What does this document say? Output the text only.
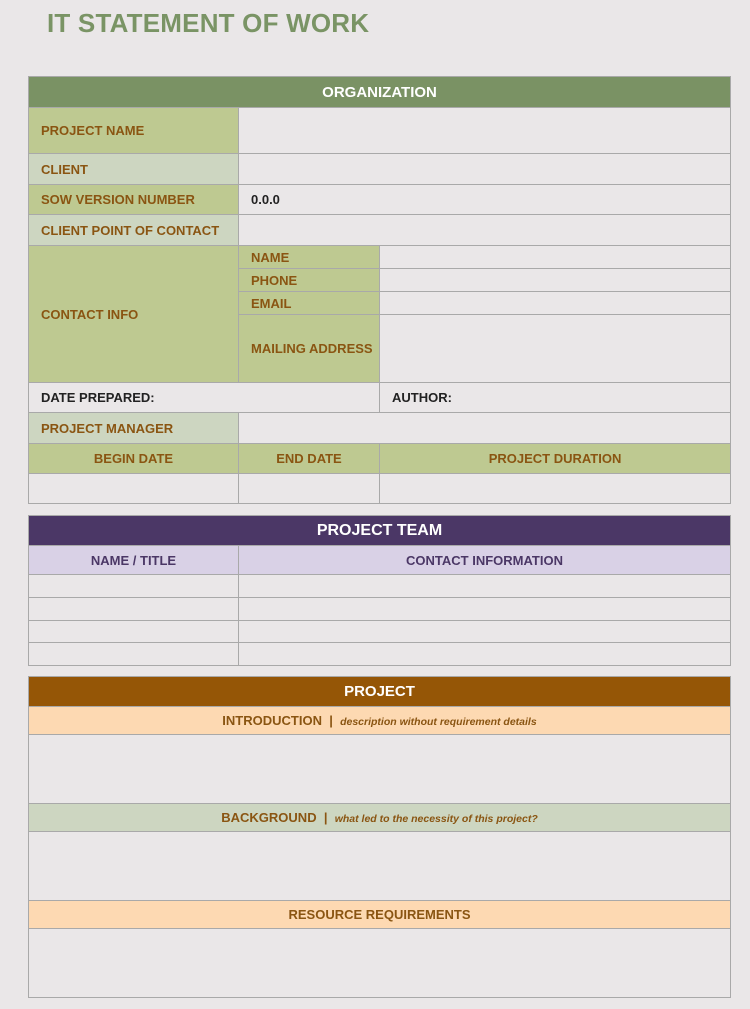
IT STATEMENT OF WORK
ORGANIZATION		
PROJECT NAME		
CLIENT		
SOW VERSION NUMBER	0.0.0	
CLIENT POINT OF CONTACT		
CONTACT INFO	NAME	
	PHONE	
	EMAIL	
	MAILING ADDRESS	
DATE PREPARED:		AUTHOR:
PROJECT MANAGER		
BEGIN DATE	END DATE	PROJECT DURATION

PROJECT TEAM	
NAME / TITLE	CONTACT INFORMATION

PROJECT
INTRODUCTION | description without requirement details

BACKGROUND | what led to the necessity of this project?

RESOURCE REQUIREMENTS
